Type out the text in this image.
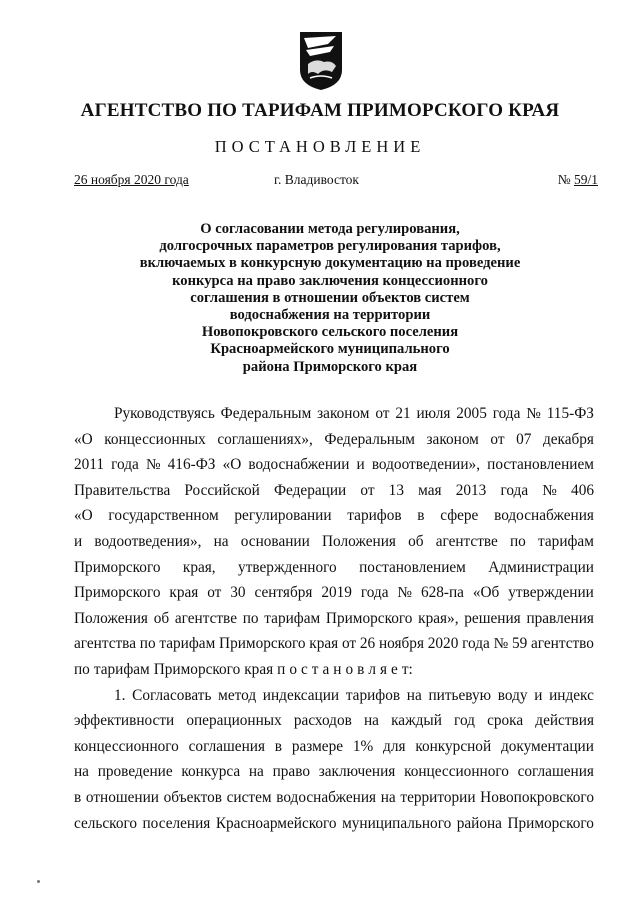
АГЕНТСТВО ПО ТАРИФАМ ПРИМОРСКОГО КРАЯ
ПОСТАНОВЛЕНИЕ
26 ноября 2020 года	г. Владивосток	№ 59/1
О согласовании метода регулирования,
долгосрочных параметров регулирования тарифов,
включаемых в конкурсную документацию на проведение
конкурса на право заключения концессионного
соглашения в отношении объектов систем
водоснабжения на территории
Новопокровского сельского поселения
Красноармейского муниципального
района Приморского края
Руководствуясь Федеральным законом от 21 июля 2005 года № 115-ФЗ
«О концессионных соглашениях», Федеральным законом от 07 декабря
2011 года № 416-ФЗ «О водоснабжении и водоотведении», постановлением
Правительства Российской Федерации от 13 мая 2013 года № 406
«О государственном регулировании тарифов в сфере водоснабжения
и водоотведения», на основании Положения об агентстве по тарифам
Приморского края, утвержденного постановлением Администрации
Приморского края от 30 сентября 2019 года № 628-па «Об утверждении
Положения об агентстве по тарифам Приморского края», решения правления
агентства по тарифам Приморского края от 26 ноября 2020 года № 59 агентство
по тарифам Приморского края п о с т а н о в л я е т:
1. Согласовать метод индексации тарифов на питьевую воду и индекс
эффективности операционных расходов на каждый год срока действия
концессионного соглашения в размере 1% для конкурсной документации
на проведение конкурса на право заключения концессионного соглашения
в отношении объектов систем водоснабжения на территории Новопокровского
сельского поселения Красноармейского муниципального района Приморского
